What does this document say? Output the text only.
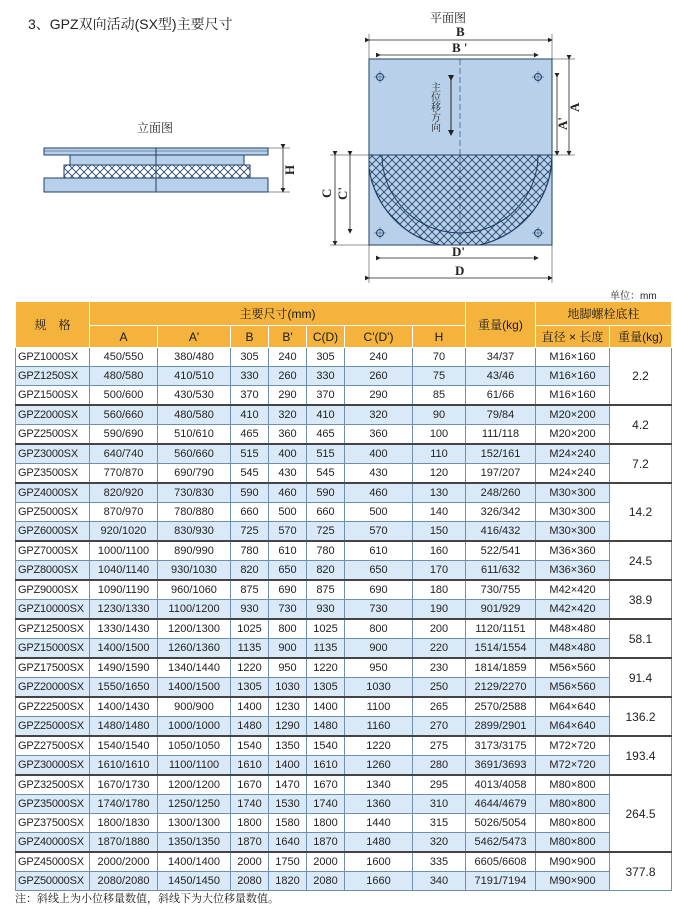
3、GPZ双向活动(SX型)主要尺寸
立面图
平面图
B
B '
A
A'
C C'
D
D'
H
主位移方向
单位：mm
规　格	主要尺寸(mm)							重量(kg)	地脚螺栓底柱	
	A	A'	B	B'	C(D)	C'(D')	H		直径 × 长度	重量(kg)
GPZ1000SX	450/550	380/480	305	240	305	240	70	34/37	M16×160	2.2
GPZ1250SX	480/580	410/510	330	260	330	260	75	43/46	M16×160	
GPZ1500SX	500/600	430/530	370	290	370	290	85	61/66	M16×160	
GPZ2000SX	560/660	480/580	410	320	410	320	90	79/84	M20×200	4.2
GPZ2500SX	590/690	510/610	465	360	465	360	100	111/118	M20×200	
GPZ3000SX	640/740	560/660	515	400	515	400	110	152/161	M24×240	7.2
GPZ3500SX	770/870	690/790	545	430	545	430	120	197/207	M24×240	
GPZ4000SX	820/920	730/830	590	460	590	460	130	248/260	M30×300	14.2
GPZ5000SX	870/970	780/880	660	500	660	500	140	326/342	M30×300	
GPZ6000SX	920/1020	830/930	725	570	725	570	150	416/432	M30×300	
GPZ7000SX	1000/1100	890/990	780	610	780	610	160	522/541	M36×360	24.5
GPZ8000SX	1040/1140	930/1030	820	650	820	650	170	611/632	M36×360	
GPZ9000SX	1090/1190	960/1060	875	690	875	690	180	730/755	M42×420	38.9
GPZ10000SX	1230/1330	1100/1200	930	730	930	730	190	901/929	M42×420	
GPZ12500SX	1330/1430	1200/1300	1025	800	1025	800	200	1120/1151	M48×480	58.1
GPZ15000SX	1400/1500	1260/1360	1135	900	1135	900	220	1514/1554	M48×480	
GPZ17500SX	1490/1590	1340/1440	1220	950	1220	950	230	1814/1859	M56×560	91.4
GPZ20000SX	1550/1650	1400/1500	1305	1030	1305	1030	250	2129/2270	M56×560	
GPZ22500SX	1400/1430	900/900	1400	1230	1400	1100	265	2570/2588	M64×640	136.2
GPZ25000SX	1480/1480	1000/1000	1480	1290	1480	1160	270	2899/2901	M64×640	
GPZ27500SX	1540/1540	1050/1050	1540	1350	1540	1220	275	3173/3175	M72×720	193.4
GPZ30000SX	1610/1610	1100/1100	1610	1400	1610	1260	280	3691/3693	M72×720	
GPZ32500SX	1670/1730	1200/1200	1670	1470	1670	1340	295	4013/4058	M80×800	264.5
GPZ35000SX	1740/1780	1250/1250	1740	1530	1740	1360	310	4644/4679	M80×800	
GPZ37500SX	1800/1830	1300/1300	1800	1580	1800	1440	315	5026/5054	M80×800	
GPZ40000SX	1870/1880	1350/1350	1870	1640	1870	1480	320	5462/5473	M80×800	
GPZ45000SX	2000/2000	1400/1400	2000	1750	2000	1600	335	6605/6608	M90×900	377.8
GPZ50000SX	2080/2080	1450/1450	2080	1820	2080	1660	340	7191/7194	M90×900	
注：斜线上为小位移量数值，斜线下为大位移量数值。
